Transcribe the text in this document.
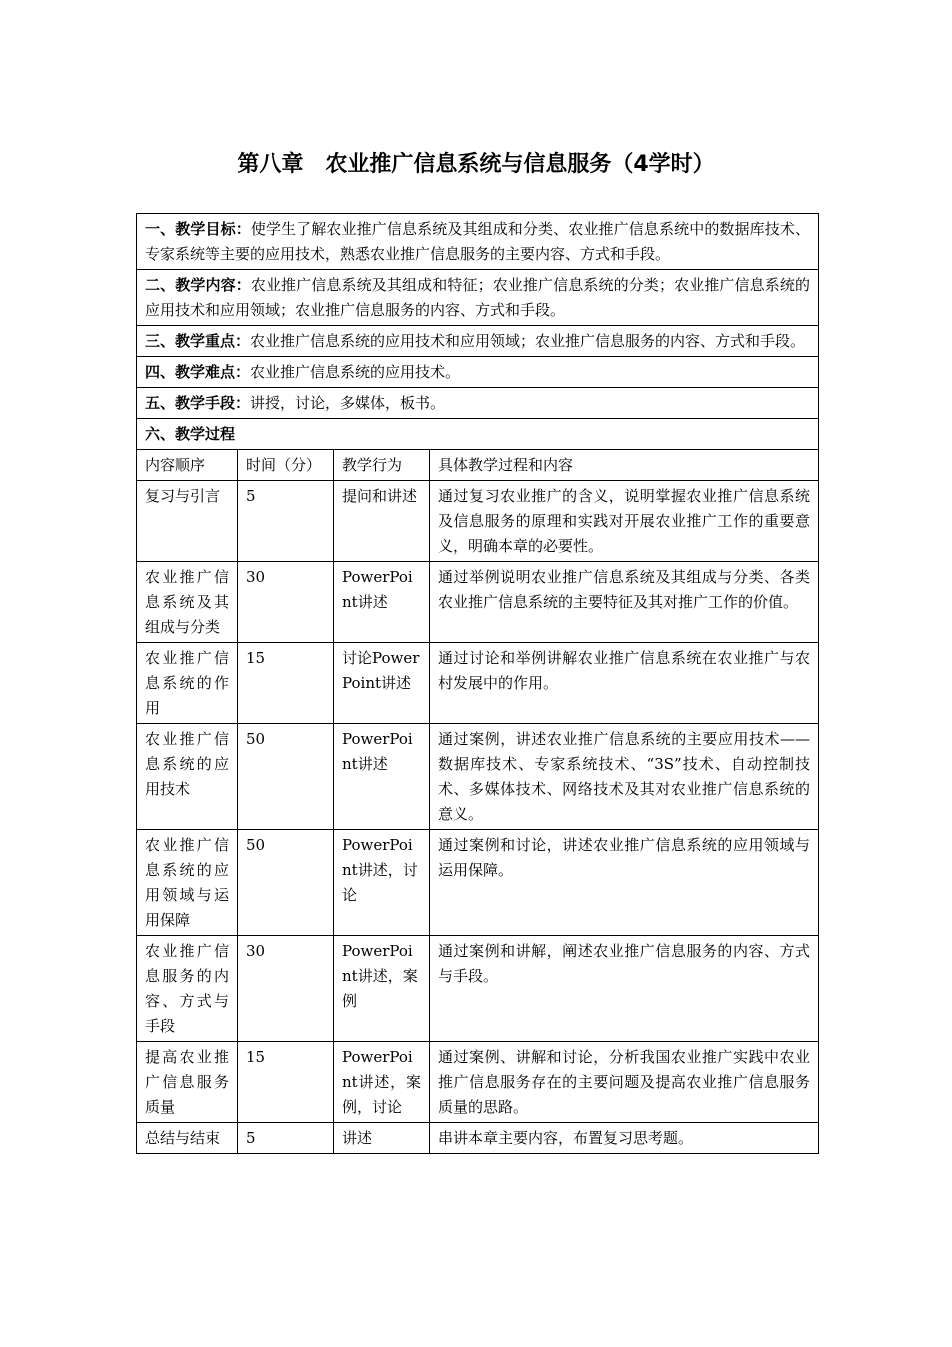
第八章　农业推广信息系统与信息服务（4学时）
一、教学目标：使学生了解农业推广信息系统及其组成和分类、农业推广信息系统中的数据库技术、专家系统等主要的应用技术，熟悉农业推广信息服务的主要内容、方式和手段。			
二、教学内容：农业推广信息系统及其组成和特征；农业推广信息系统的分类；农业推广信息系统的应用技术和应用领域；农业推广信息服务的内容、方式和手段。			
三、教学重点：农业推广信息系统的应用技术和应用领域；农业推广信息服务的内容、方式和手段。			
四、教学难点：农业推广信息系统的应用技术。			
五、教学手段：讲授，讨论，多媒体，板书。			
六、教学过程			
内容顺序	时间（分）	教学行为	具体教学过程和内容
复习与引言	5	提问和讲述	通过复习农业推广的含义，说明掌握农业推广信息系统及信息服务的原理和实践对开展农业推广工作的重要意义，明确本章的必要性。
农业推广信息系统及其组成与分类	30	PowerPoint讲述	通过举例说明农业推广信息系统及其组成与分类、各类农业推广信息系统的主要特征及其对推广工作的价值。
农业推广信息系统的作用	15	讨论PowerPoint讲述	通过讨论和举例讲解农业推广信息系统在农业推广与农村发展中的作用。
农业推广信息系统的应用技术	50	PowerPoint讲述	通过案例，讲述农业推广信息系统的主要应用技术——数据库技术、专家系统技术、“3S”技术、自动控制技术、多媒体技术、网络技术及其对农业推广信息系统的意义。
农业推广信息系统的应用领域与运用保障	50	PowerPoint讲述，讨论	通过案例和讨论，讲述农业推广信息系统的应用领域与运用保障。
农业推广信息服务的内容、方式与手段	30	PowerPoint讲述，案例	通过案例和讲解，阐述农业推广信息服务的内容、方式与手段。
提高农业推广信息服务质量	15	PowerPoint讲述，案例，讨论	通过案例、讲解和讨论，分析我国农业推广实践中农业推广信息服务存在的主要问题及提高农业推广信息服务质量的思路。
总结与结束	5	讲述	串讲本章主要内容，布置复习思考题。
